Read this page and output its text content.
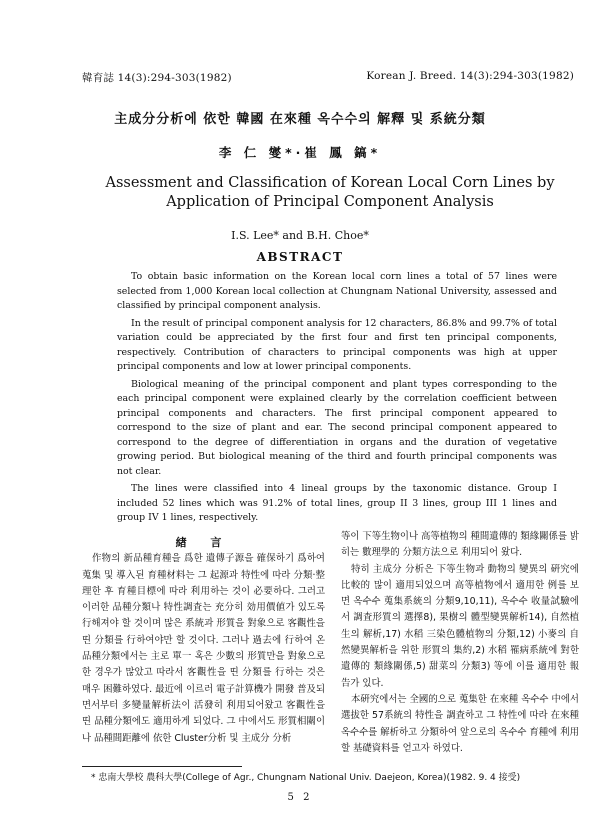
韓育誌 14(3):294-303(1982)	Korean J. Breed. 14(3):294-303(1982)
主成分分析에 依한 韓國 在來種 옥수수의 解釋 및 系統分類
李 仁 燮*·崔 鳳 鎬*
Assessment and Classification of Korean Local Corn Lines by Application of Principal Component Analysis
I.S. Lee* and B.H. Choe*
ABSTRACT

To obtain basic information on the Korean local corn lines a total of 57 lines were selected from 1,000 Korean local collection at Chungnam National University, assessed and classified by principal component analysis.

In the result of principal component analysis for 12 characters, 86.8% and 99.7% of total variation could be appreciated by the first four and first ten principal components, respectively. Contribution of characters to principal components was high at upper principal components and low at lower principal components.

Biological meaning of the principal component and plant types corresponding to the each principal component were explained clearly by the correlation coefficient between principal components and characters. The first principal component appeared to correspond to the size of plant and ear. The second principal component appeared to correspond to the degree of differentiation in organs and the duration of vegetative growing period. But biological meaning of the third and fourth principal components was not clear.

The lines were classified into 4 lineal groups by the taxonomic distance. Group I included 52 lines which was 91.2% of total lines, group II 3 lines, group III 1 lines and group IV 1 lines, respectively.

緖 言

作物의 新品種育種을 爲한 遺傳子源을 確保하기 爲하여 蒐集 및 導入된 育種材料는 그 起源과 特性에 따라 分類·整理한 후 育種目標에 따라 利用하는 것이 必要하다. 그러고 이러한 品種分類나 特性調査는 充分히 効用價値가 있도록 行해져야 할 것이며 많은 系統과 形質을 對象으로 客觀性을 띤 分類를 行하여야만 할 것이다. 그러나 過去에 行하여 온 品種分類에서는 主로 單一 혹은 少數의 形質만을 對象으로 한 경우가 많았고 따라서 客觀性을 띤 分類를 行하는 것은 매우 困難하였다. 最近에 이르러 電子計算機가 開發 普及되면서부터 多變量解析法이 活發히 利用되어왔고 客觀性을 띤 品種分類에도 適用하게 되었다. 그 中에서도 形質相關이나 品種間距離에 依한 Cluster分析 및 主成分 分析

等이 下等生物이나 高等植物의 種間遺傳的 類緣關係를 밝히는 數理學的 分類方法으로 利用되어 왔다.

特히 主成分 分析은 下等生物과 動物의 變異의 硏究에 比較的 많이 適用되었으며 高等植物에서 適用한 例를 보면 옥수수 蒐集系統의 分類9,10,11), 옥수수 收量試驗에서 調査形質의 選擇8), 果樹의 體型變異解析14), 自然植生의 解析,17) 水稻 三染色體植物의 分類,12) 小麥의 自然變異解析을 위한 形質의 集約,2) 水稻 罹病系統에 對한 遺傳的 類緣關係,5) 甜菜의 分類3) 等에 이를 適用한 報告가 있다.

本硏究에서는 全國的으로 蒐集한 在來種 옥수수 中에서 選拔한 57系統의 特性을 調査하고 그 特性에 따라 在來種 옥수수를 解析하고 分類하여 앞으로의 옥수수 育種에 利用할 基礎資料를 얻고자 하였다.

* 忠南大學校 農科大學(College of Agr., Chungnam National Univ. Daejeon, Korea)(1982. 9. 4 接受)
5 2
